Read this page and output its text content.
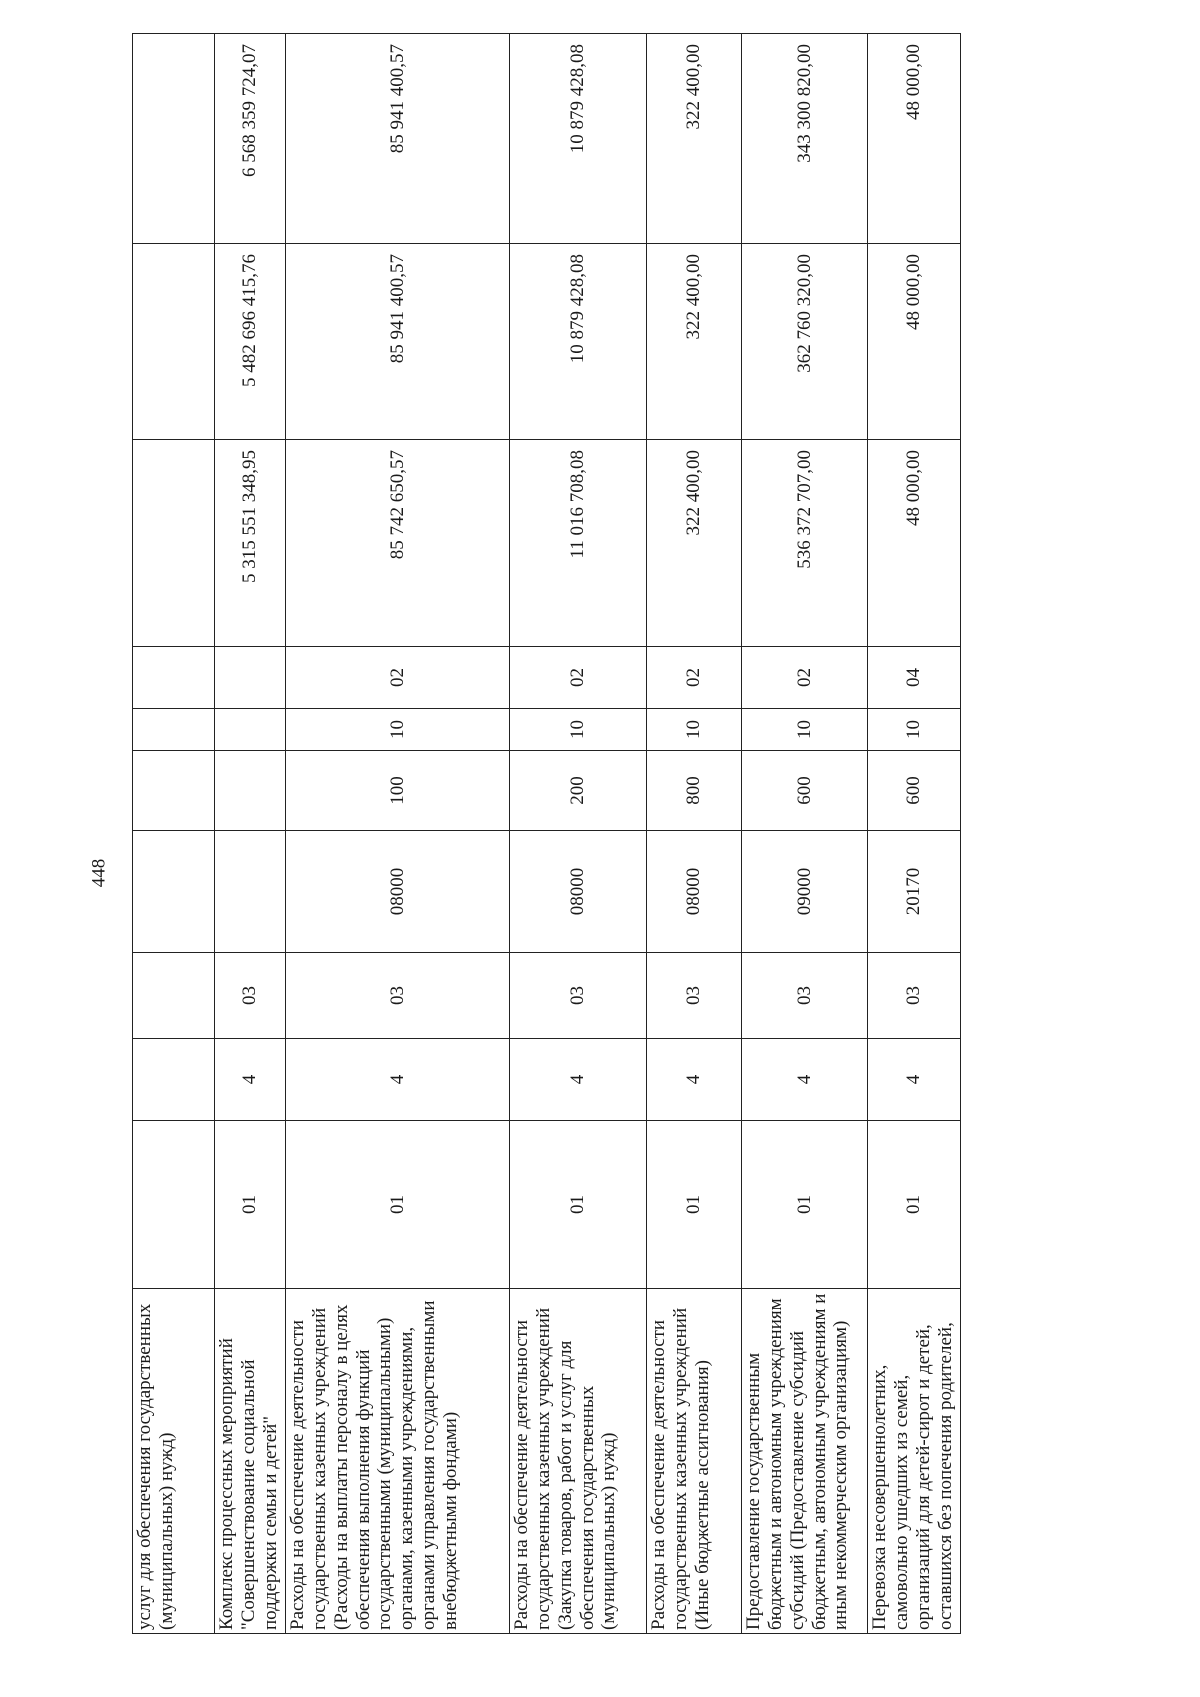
448
услуг для обеспечения государственных (муниципальных) нужд)										
Комплекс процессных мероприятий "Совершенствование социальной поддержки семьи и детей"	01	4	03					5 315 551 348,95	5 482 696 415,76	6 568 359 724,07
Расходы на обеспечение деятельности государственных казенных учреждений (Расходы на выплаты персоналу в целях обеспечения выполнения функций государственными (муниципальными) органами, казенными учреждениями, органами управления государственными внебюджетными фондами)	01	4	03	08000	100	10	02	85 742 650,57	85 941 400,57	85 941 400,57
Расходы на обеспечение деятельности государственных казенных учреждений (Закупка товаров, работ и услуг для обеспечения государственных (муниципальных) нужд)	01	4	03	08000	200	10	02	11 016 708,08	10 879 428,08	10 879 428,08
Расходы на обеспечение деятельности государственных казенных учреждений (Иные бюджетные ассигнования)	01	4	03	08000	800	10	02	322 400,00	322 400,00	322 400,00
Предоставление государственным бюджетным и автономным учреждениям субсидий (Предоставление субсидий бюджетным, автономным учреждениям и иным некоммерческим организациям)	01	4	03	09000	600	10	02	536 372 707,00	362 760 320,00	343 300 820,00
Перевозка несовершеннолетних, самовольно ушедших из семей, организаций для детей-сирот и детей, оставшихся без попечения родителей,	01	4	03	20170	600	10	04	48 000,00	48 000,00	48 000,00
